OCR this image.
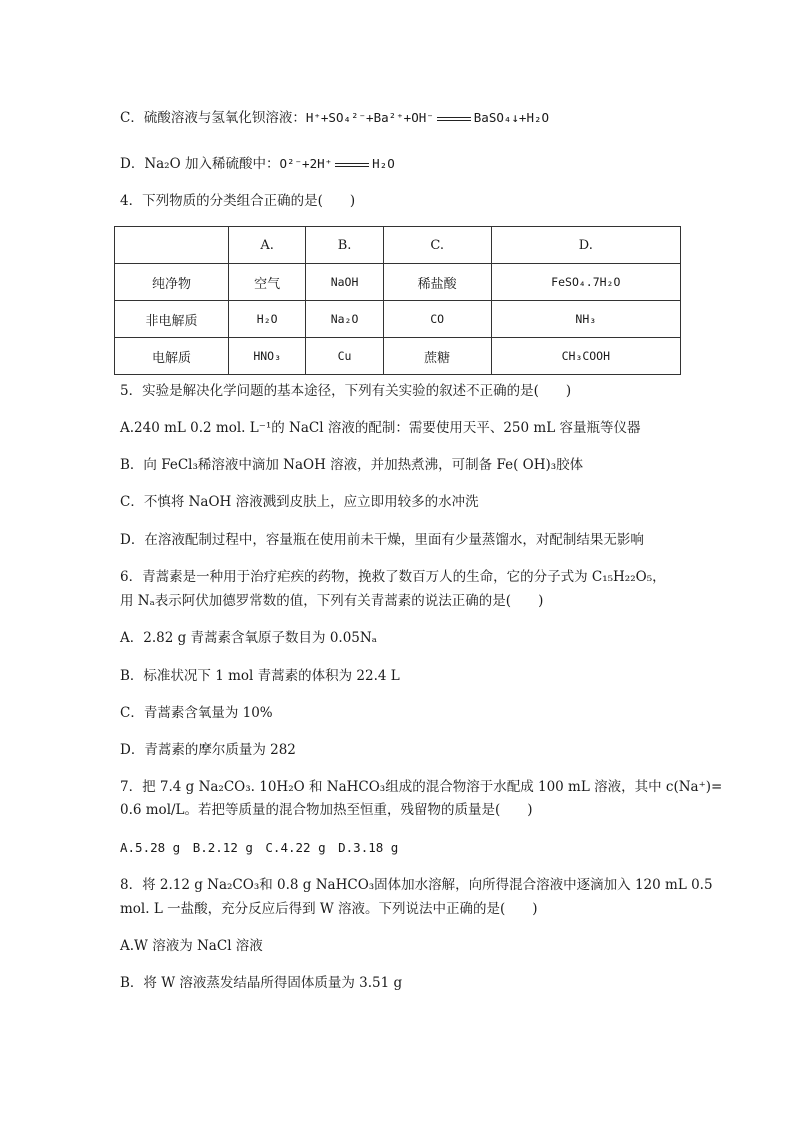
C．硫酸溶液与氢氧化钡溶液：H⁺+SO₄²⁻+Ba²⁺+OH⁻	BaSO₄↓+H₂O
D．Na₂O 加入稀硫酸中：O²⁻+2H⁺	H₂O
4．下列物质的分类组合正确的是(　　)
	A.	B.	C.	D.
纯净物	空气	NaOH	稀盐酸	FeSO₄.7H₂O
非电解质	H₂O	Na₂O	CO	NH₃
电解质	HNO₃	Cu	蔗糖	CH₃COOH
5．实验是解决化学问题的基本途径，下列有关实验的叙述不正确的是(　　)
A.240 mL 0.2 mol. L⁻¹的 NaCl 溶液的配制：需要使用天平、250 mL 容量瓶等仪器
B．向 FeCl₃稀溶液中滴加 NaOH 溶液，并加热煮沸，可制备 Fe( OH)₃胶体
C．不慎将 NaOH 溶液溅到皮肤上，应立即用较多的水冲洗
D．在溶液配制过程中，容量瓶在使用前未干燥，里面有少量蒸馏水，对配制结果无影响
6．青蒿素是一种用于治疗疟疾的药物，挽救了数百万人的生命，它的分子式为 C₁₅H₂₂O₅，
用 Nₐ表示阿伏加德罗常数的值，下列有关青蒿素的说法正确的是(　　)
A．2.82 g 青蒿素含氧原子数目为 0.05Nₐ
B．标准状况下 1 mol 青蒿素的体积为 22.4 L
C．青蒿素含氧量为 10%
D．青蒿素的摩尔质量为 282
7．把 7.4 g Na₂CO₃. 10H₂O 和 NaHCO₃组成的混合物溶于水配成 100 mL 溶液，其中 c(Na⁺)=
0.6 mol/L。若把等质量的混合物加热至恒重，残留物的质量是(　　)
A.5.28 g　B.2.12 g　C.4.22 g　D.3.18 g
8．将 2.12 g Na₂CO₃和 0.8 g NaHCO₃固体加水溶解，向所得混合溶液中逐滴加入 120 mL 0.5
mol. L 一盐酸，充分反应后得到 W 溶液。下列说法中正确的是(　　)
A.W 溶液为 NaCl 溶液
B．将 W 溶液蒸发结晶所得固体质量为 3.51 g
